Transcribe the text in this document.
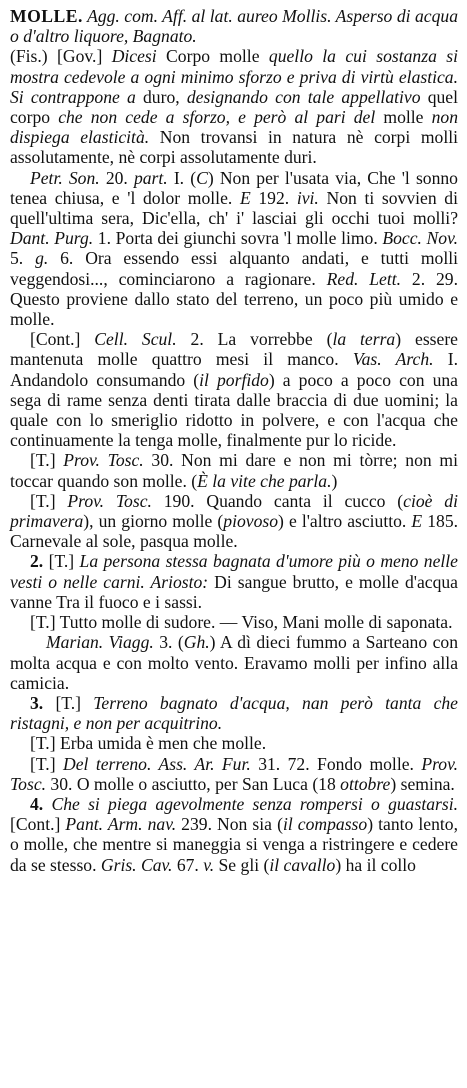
MOLLE. Agg. com. Aff. al lat. aureo Mollis. Asperso di acqua o d'altro liquore, Bagnato.
(Fis.) [Gov.] Dicesi Corpo molle quello la cui sostanza si mostra cedevole a ogni minimo sforzo e priva di virtù elastica. Si contrappone a duro, designando con tale appellativo quel corpo che non cede a sforzo, e però al pari del molle non dispiega elasticità. Non trovansi in natura nè corpi molli assolutamente, nè corpi assolutamente duri.

Petr. Son. 20. part. I. (C) Non per l'usata via, Che 'l sonno tenea chiusa, e 'l dolor molle. E 192. ivi. Non ti sovvien di quell'ultima sera, Dic'ella, ch' i' lasciai gli occhi tuoi molli? Dant. Purg. 1. Porta dei giunchi sovra 'l molle limo. Bocc. Nov. 5. g. 6. Ora essendo essi alquanto andati, e tutti molli veggendosi..., cominciarono a ragionare. Red. Lett. 2. 29. Questo proviene dallo stato del terreno, un poco più umido e molle.

[Cont.] Cell. Scul. 2. La vorrebbe (la terra) essere mantenuta molle quattro mesi il manco. Vas. Arch. I. Andandolo consumando (il porfido) a poco a poco con una sega di rame senza denti tirata dalle braccia di due uomini; la quale con lo smeriglio ridotto in polvere, e con l'acqua che continuamente la tenga molle, finalmente pur lo ricide.

[T.] Prov. Tosc. 30. Non mi dare e non mi tòrre; non mi toccar quando son molle. (È la vite che parla.)

[T.] Prov. Tosc. 190. Quando canta il cucco (cioè di primavera), un giorno molle (piovoso) e l'altro asciutto. E 185. Carnevale al sole, pasqua molle.

2. [T.] La persona stessa bagnata d'umore più o meno nelle vesti o nelle carni. Ariosto: Di sangue brutto, e molle d'acqua vanne Tra il fuoco e i sassi.

[T.] Tutto molle di sudore. — Viso, Mani molle di saponata.

Marian. Viagg. 3. (Gh.) A dì dieci fummo a Sarteano con molta acqua e con molto vento. Eravamo molli per infino alla camicia.

3. [T.] Terreno bagnato d'acqua, nan però tanta che ristagni, e non per acquitrino.

[T.] Erba umida è men che molle.

[T.] Del terreno. Ass. Ar. Fur. 31. 72. Fondo molle. Prov. Tosc. 30. O molle o asciutto, per San Luca (18 ottobre) semina.

4. Che si piega agevolmente senza rompersi o guastarsi. [Cont.] Pant. Arm. nav. 239. Non sia (il compasso) tanto lento, o molle, che mentre si maneggia si venga a ristringere e cedere da se stesso. Gris. Cav. 67. v. Se gli (il cavallo) ha il collo
